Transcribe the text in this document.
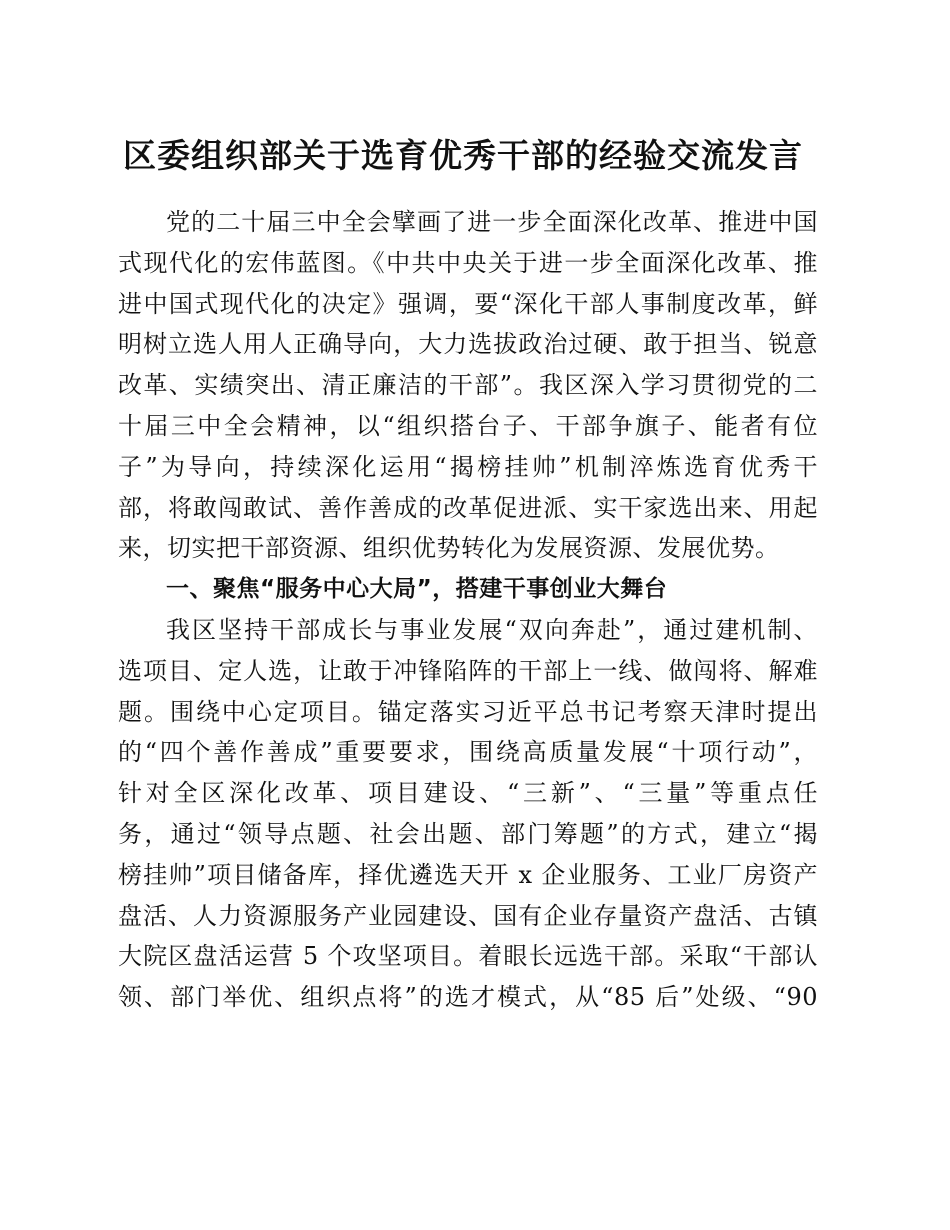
区委组织部关于选育优秀干部的经验交流发言
党的二十届三中全会擘画了进一步全面深化改革、推进中国
式现代化的宏伟蓝图。《中共中央关于进一步全面深化改革、推
进中国式现代化的决定》强调，要“深化干部人事制度改革，鲜
明树立选人用人正确导向，大力选拔政治过硬、敢于担当、锐意
改革、实绩突出、清正廉洁的干部”。我区深入学习贯彻党的二
十届三中全会精神，以“组织搭台子、干部争旗子、能者有位
子”为导向，持续深化运用“揭榜挂帅”机制淬炼选育优秀干
部，将敢闯敢试、善作善成的改革促进派、实干家选出来、用起
来，切实把干部资源、组织优势转化为发展资源、发展优势。
一、聚焦“服务中心大局”，搭建干事创业大舞台
我区坚持干部成长与事业发展“双向奔赴”，通过建机制、
选项目、定人选，让敢于冲锋陷阵的干部上一线、做闯将、解难
题。围绕中心定项目。锚定落实习近平总书记考察天津时提出
的“四个善作善成”重要要求，围绕高质量发展“十项行动”，
针对全区深化改革、项目建设、“三新”、“三量”等重点任
务，通过“领导点题、社会出题、部门筹题”的方式，建立“揭
榜挂帅”项目储备库，择优遴选天开 x 企业服务、工业厂房资产
盘活、人力资源服务产业园建设、国有企业存量资产盘活、古镇
大院区盘活运营 5 个攻坚项目。着眼长远选干部。采取“干部认
领、部门举优、组织点将”的选才模式，从“85 后”处级、“90
